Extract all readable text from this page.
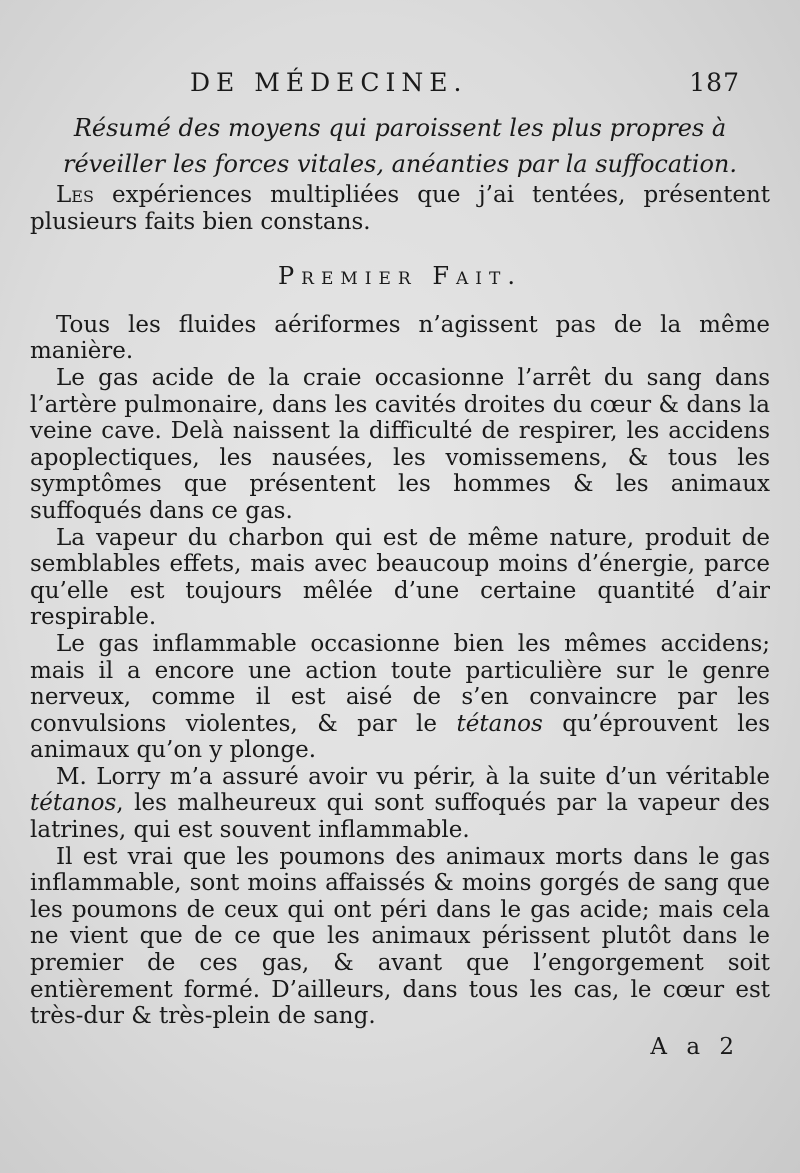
DE MÉDECINE.	187
Résumé des moyens qui paroissent les plus propres à réveiller les forces vitales, anéanties par la suffocation.

Les expériences multipliées que j’ai tentées, présentent plusieurs faits bien constans.

Premier Fait.

Tous les fluides aériformes n’agissent pas de la même manière.

Le gas acide de la craie occasionne l’arrêt du sang dans l’artère pulmonaire, dans les cavités droites du cœur & dans la veine cave. Delà naissent la difficulté de respirer, les accidens apoplectiques, les nausées, les vomissemens, & tous les symptômes que présentent les hommes & les animaux suffoqués dans ce gas.

La vapeur du charbon qui est de même nature, produit de semblables effets, mais avec beaucoup moins d’énergie, parce qu’elle est toujours mêlée d’une certaine quantité d’air respirable.

Le gas inflammable occasionne bien les mêmes accidens; mais il a encore une action toute particulière sur le genre nerveux, comme il est aisé de s’en convaincre par les convulsions violentes, & par le tétanos qu’éprouvent les animaux qu’on y plonge.

M. Lorry m’a assuré avoir vu périr, à la suite d’un véritable tétanos, les malheureux qui sont suffoqués par la vapeur des latrines, qui est souvent inflammable.

Il est vrai que les poumons des animaux morts dans le gas inflammable, sont moins affaissés & moins gorgés de sang que les poumons de ceux qui ont péri dans le gas acide; mais cela ne vient que de ce que les animaux périssent plutôt dans le premier de ces gas, & avant que l’engorgement soit entièrement formé. D’ailleurs, dans tous les cas, le cœur est très-dur & très-plein de sang.

A a 2
